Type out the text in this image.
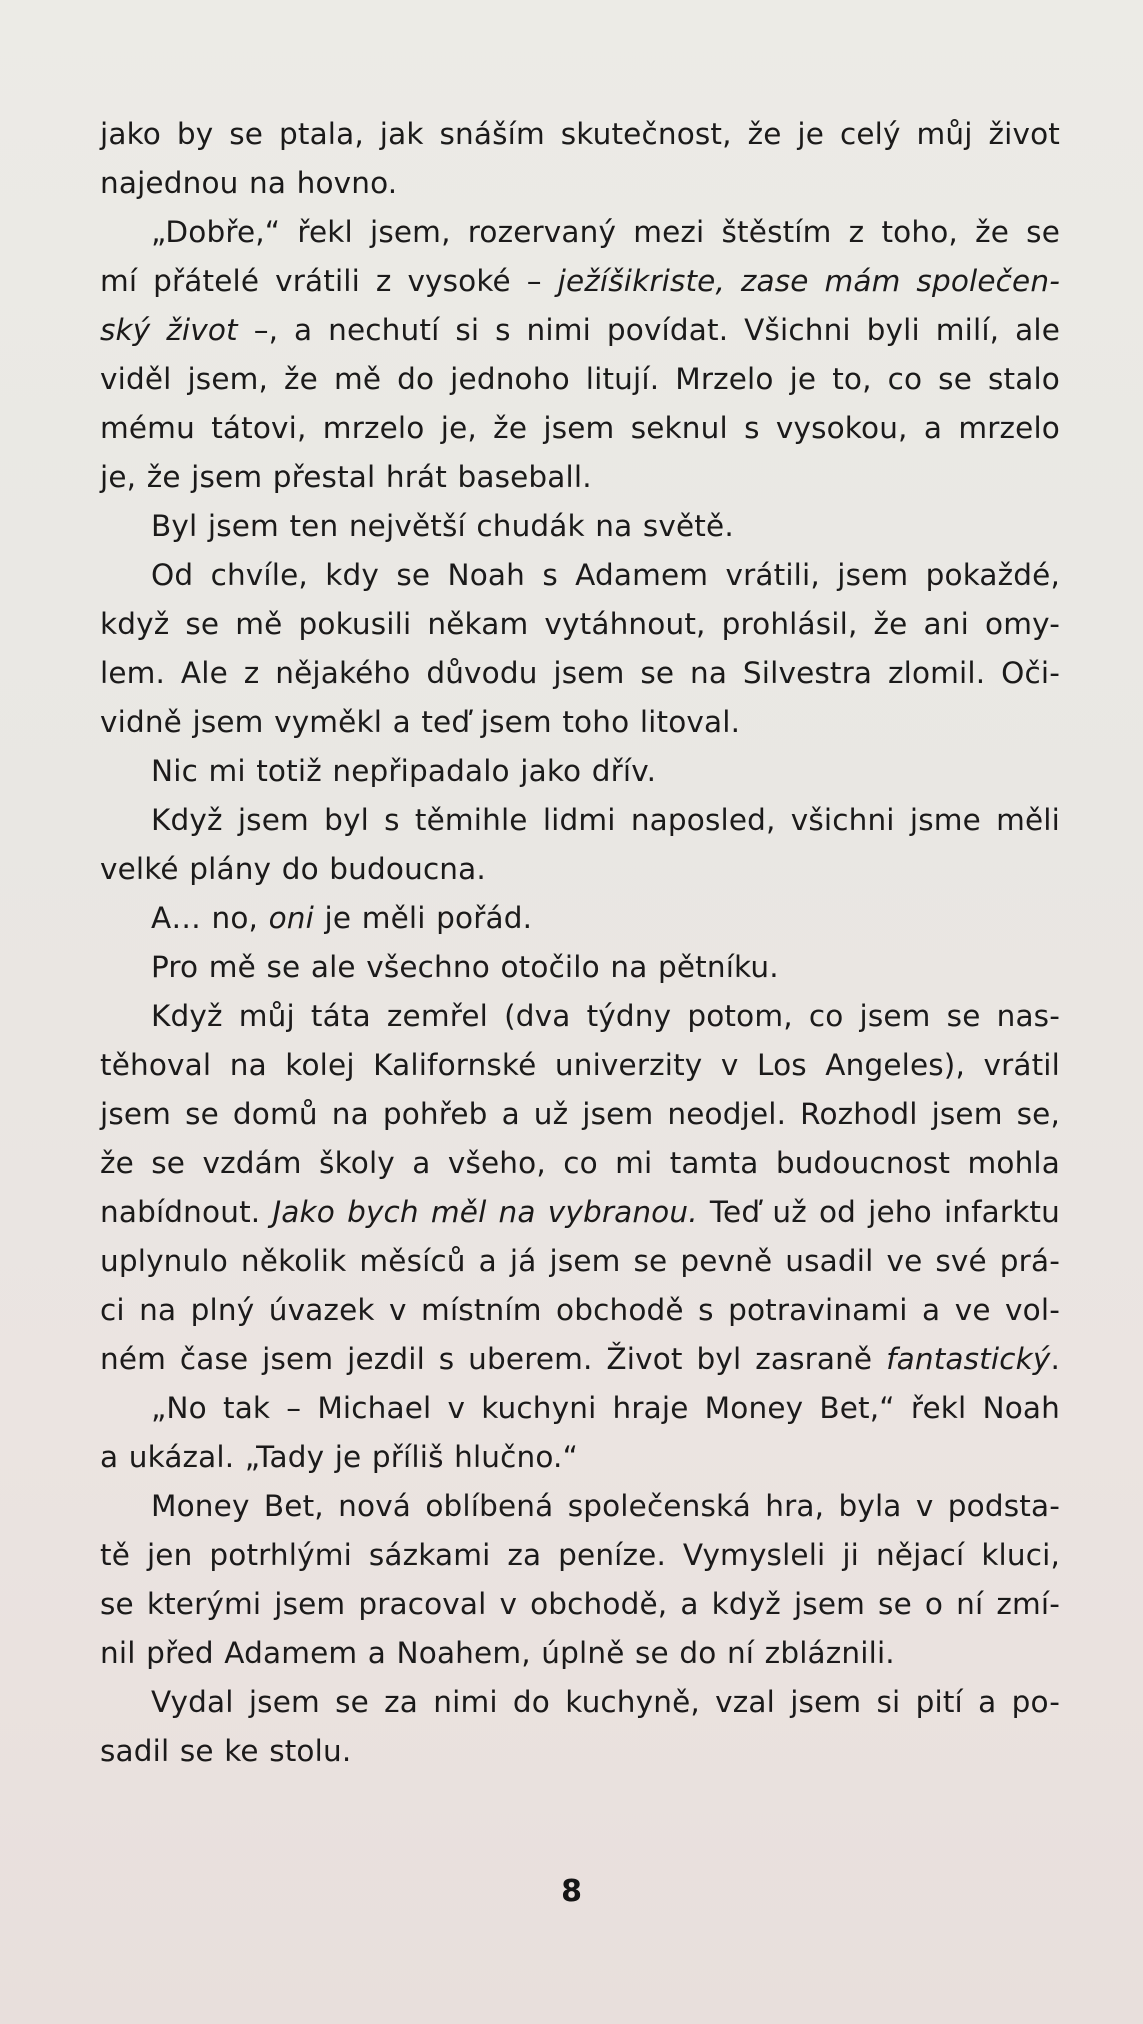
jako by se ptala, jak snáším skutečnost, že je celý můj život
najednou na hovno.
„Dobře,“ řekl jsem, rozervaný mezi štěstím z toho, že se
mí přátelé vrátili z vysoké – ježíšikriste, zase mám společen-
ský život –, a nechutí si s nimi povídat. Všichni byli milí, ale
viděl jsem, že mě do jednoho litují. Mrzelo je to, co se stalo
mému tátovi, mrzelo je, že jsem seknul s vysokou, a mrzelo
je, že jsem přestal hrát baseball.
Byl jsem ten největší chudák na světě.
Od chvíle, kdy se Noah s Adamem vrátili, jsem pokaždé,
když se mě pokusili někam vytáhnout, prohlásil, že ani omy-
lem. Ale z nějakého důvodu jsem se na Silvestra zlomil. Oči-
vidně jsem vyměkl a teď jsem toho litoval.
Nic mi totiž nepřipadalo jako dřív.
Když jsem byl s těmihle lidmi naposled, všichni jsme měli
velké plány do budoucna.
A… no, oni je měli pořád.
Pro mě se ale všechno otočilo na pětníku.
Když můj táta zemřel (dva týdny potom, co jsem se nas-
těhoval na kolej Kalifornské univerzity v Los Angeles), vrátil
jsem se domů na pohřeb a už jsem neodjel. Rozhodl jsem se,
že se vzdám školy a všeho, co mi tamta budoucnost mohla
nabídnout. Jako bych měl na vybranou. Teď už od jeho infarktu
uplynulo několik měsíců a já jsem se pevně usadil ve své prá-
ci na plný úvazek v místním obchodě s potravinami a ve vol-
ném čase jsem jezdil s uberem. Život byl zasraně fantastický.
„No tak – Michael v kuchyni hraje Money Bet,“ řekl Noah
a ukázal. „Tady je příliš hlučno.“
Money Bet, nová oblíbená společenská hra, byla v podsta-
tě jen potrhlými sázkami za peníze. Vymysleli ji nějací kluci,
se kterými jsem pracoval v obchodě, a když jsem se o ní zmí-
nil před Adamem a Noahem, úplně se do ní zbláznili.
Vydal jsem se za nimi do kuchyně, vzal jsem si pití a po-
sadil se ke stolu.
8
